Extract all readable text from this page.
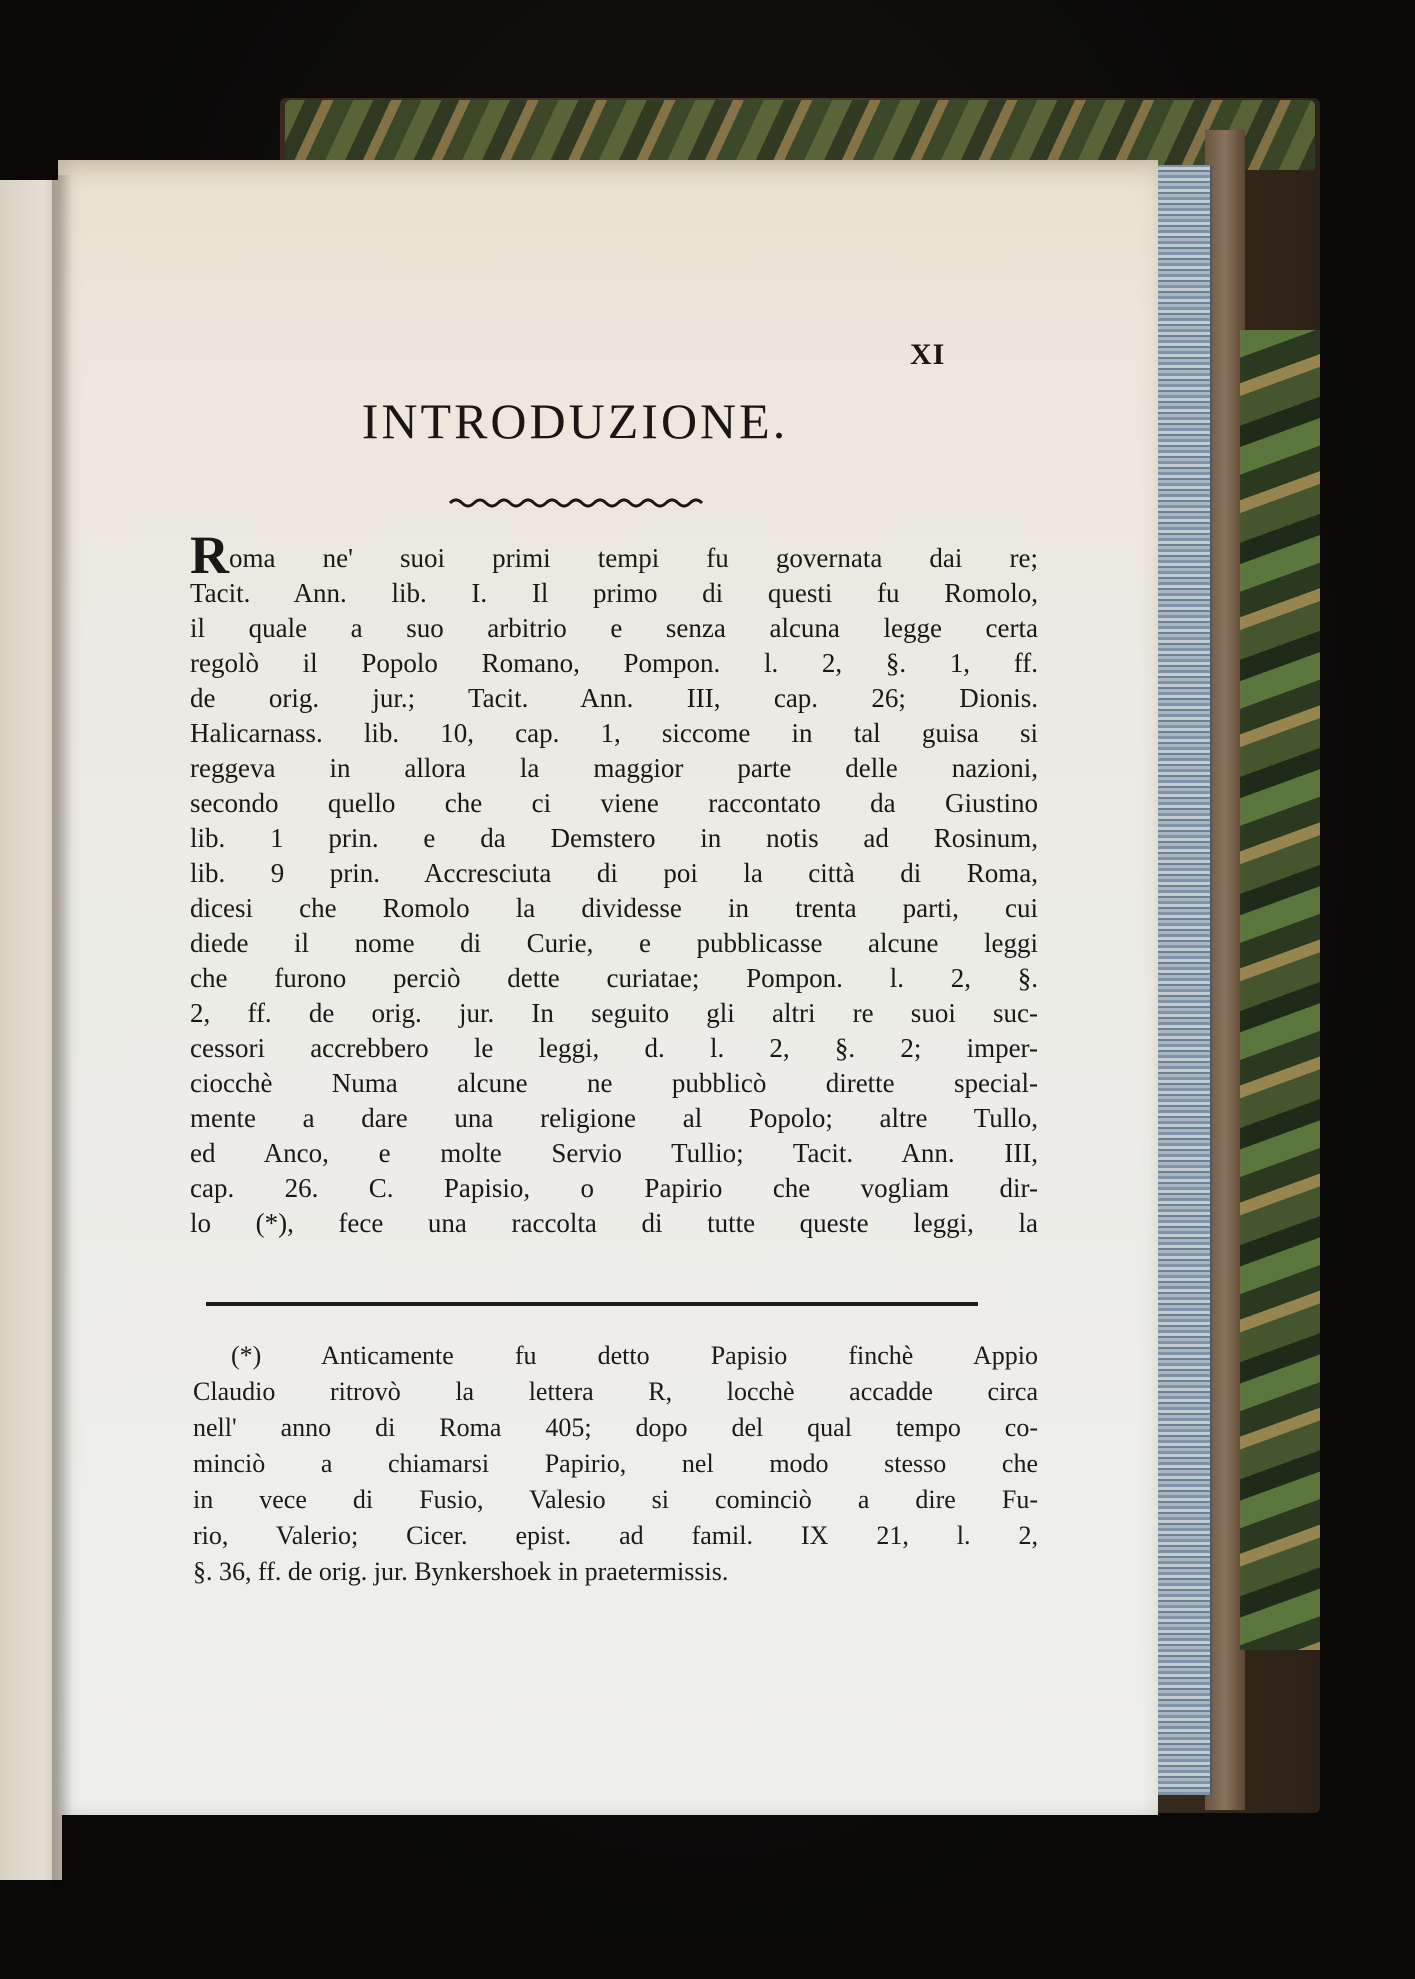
XI
INTRODUZIONE.
Roma ne' suoi primi tempi fu governata dai re;
Tacit. Ann. lib. I. Il primo di questi fu Romolo,
il quale a suo arbitrio e senza alcuna legge certa
regolò il Popolo Romano, Pompon. l. 2, §. 1, ff.
de orig. jur.; Tacit. Ann. III, cap. 26; Dionis.
Halicarnass. lib. 10, cap. 1, siccome in tal guisa si
reggeva in allora la maggior parte delle nazioni,
secondo quello che ci viene raccontato da Giustino
lib. 1 prin. e da Demstero in notis ad Rosinum,
lib. 9 prin. Accresciuta di poi la città di Roma,
dicesi che Romolo la dividesse in trenta parti, cui
diede il nome di Curie, e pubblicasse alcune leggi
che furono perciò dette curiatae; Pompon. l. 2, §.
2, ff. de orig. jur. In seguito gli altri re suoi suc-
cessori accrebbero le leggi, d. l. 2, §. 2; imper-
ciocchè Numa alcune ne pubblicò dirette special-
mente a dare una religione al Popolo; altre Tullo,
ed Anco, e molte Servio Tullio; Tacit. Ann. III,
cap. 26. C. Papisio, o Papirio che vogliam dir-
lo (*), fece una raccolta di tutte queste leggi, la
(*) Anticamente fu detto Papisio finchè Appio
Claudio ritrovò la lettera R, locchè accadde circa
nell' anno di Roma 405; dopo del qual tempo co-
minciò a chiamarsi Papirio, nel modo stesso che
in vece di Fusio, Valesio si cominciò a dire Fu-
rio, Valerio; Cicer. epist. ad famil. IX 21, l. 2,
§. 36, ff. de orig. jur. Bynkershoek in praetermissis.
